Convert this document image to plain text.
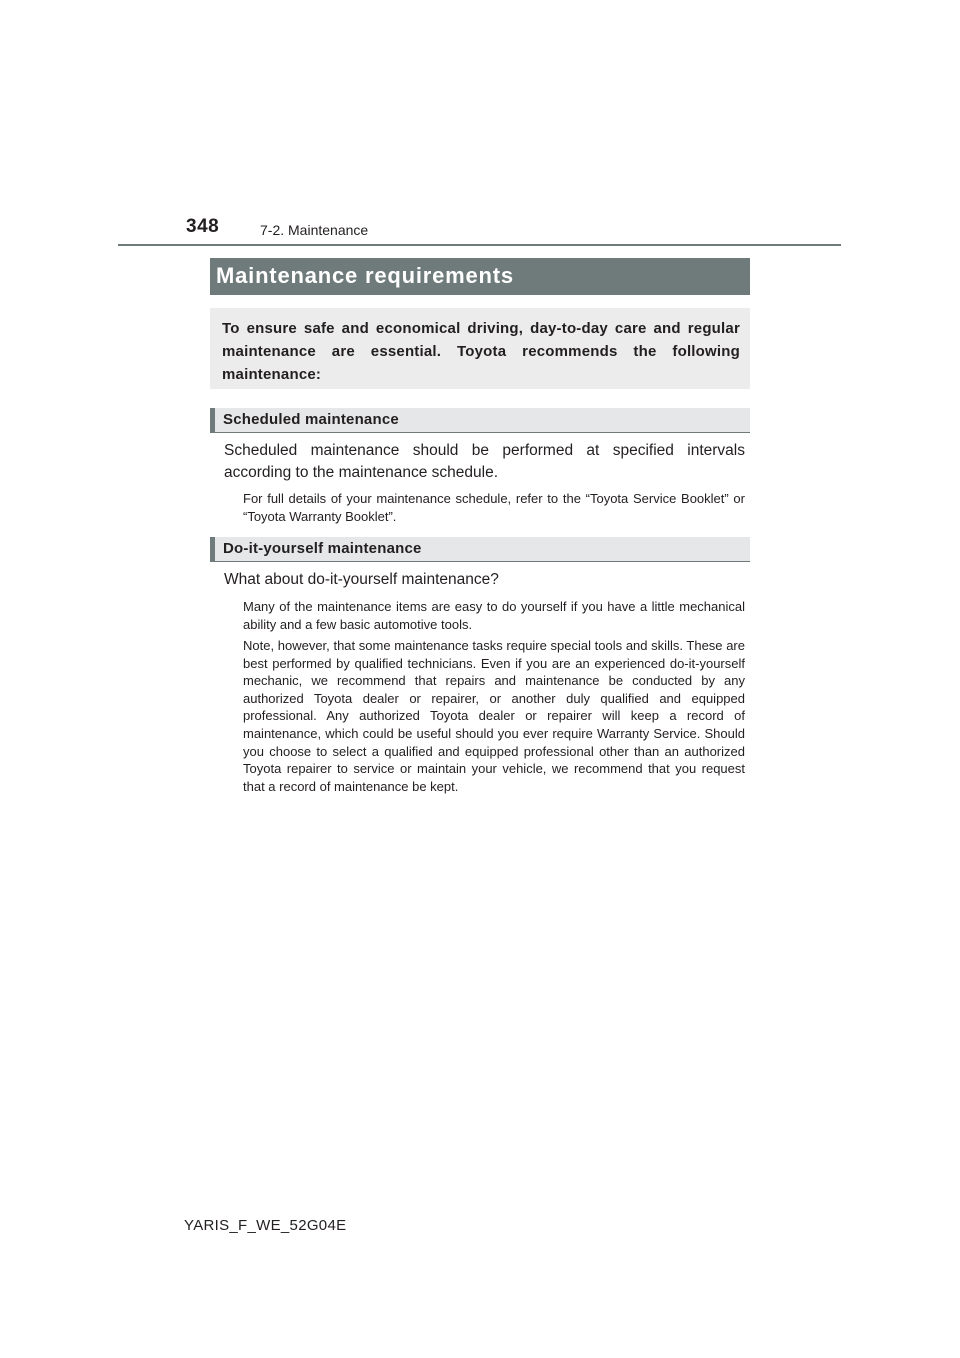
348	7-2. Maintenance
Maintenance requirements
To ensure safe and economical driving, day-to-day care and regular maintenance are essential. Toyota recommends the following maintenance:
Scheduled maintenance
Scheduled maintenance should be performed at specified intervals according to the maintenance schedule.
For full details of your maintenance schedule, refer to the “Toyota Service Booklet” or “Toyota Warranty Booklet”.
Do-it-yourself maintenance
What about do-it-yourself maintenance?
Many of the maintenance items are easy to do yourself if you have a little mechanical ability and a few basic automotive tools.
Note, however, that some maintenance tasks require special tools and skills. These are best performed by qualified technicians. Even if you are an experienced do-it-yourself mechanic, we recommend that repairs and maintenance be conducted by any authorized Toyota dealer or repairer, or another duly qualified and equipped professional. Any authorized Toyota dealer or repairer will keep a record of maintenance, which could be useful should you ever require Warranty Service. Should you choose to select a qualified and equipped professional other than an authorized Toyota repairer to service or maintain your vehicle, we recommend that you request that a record of maintenance be kept.
YARIS_F_WE_52G04E
